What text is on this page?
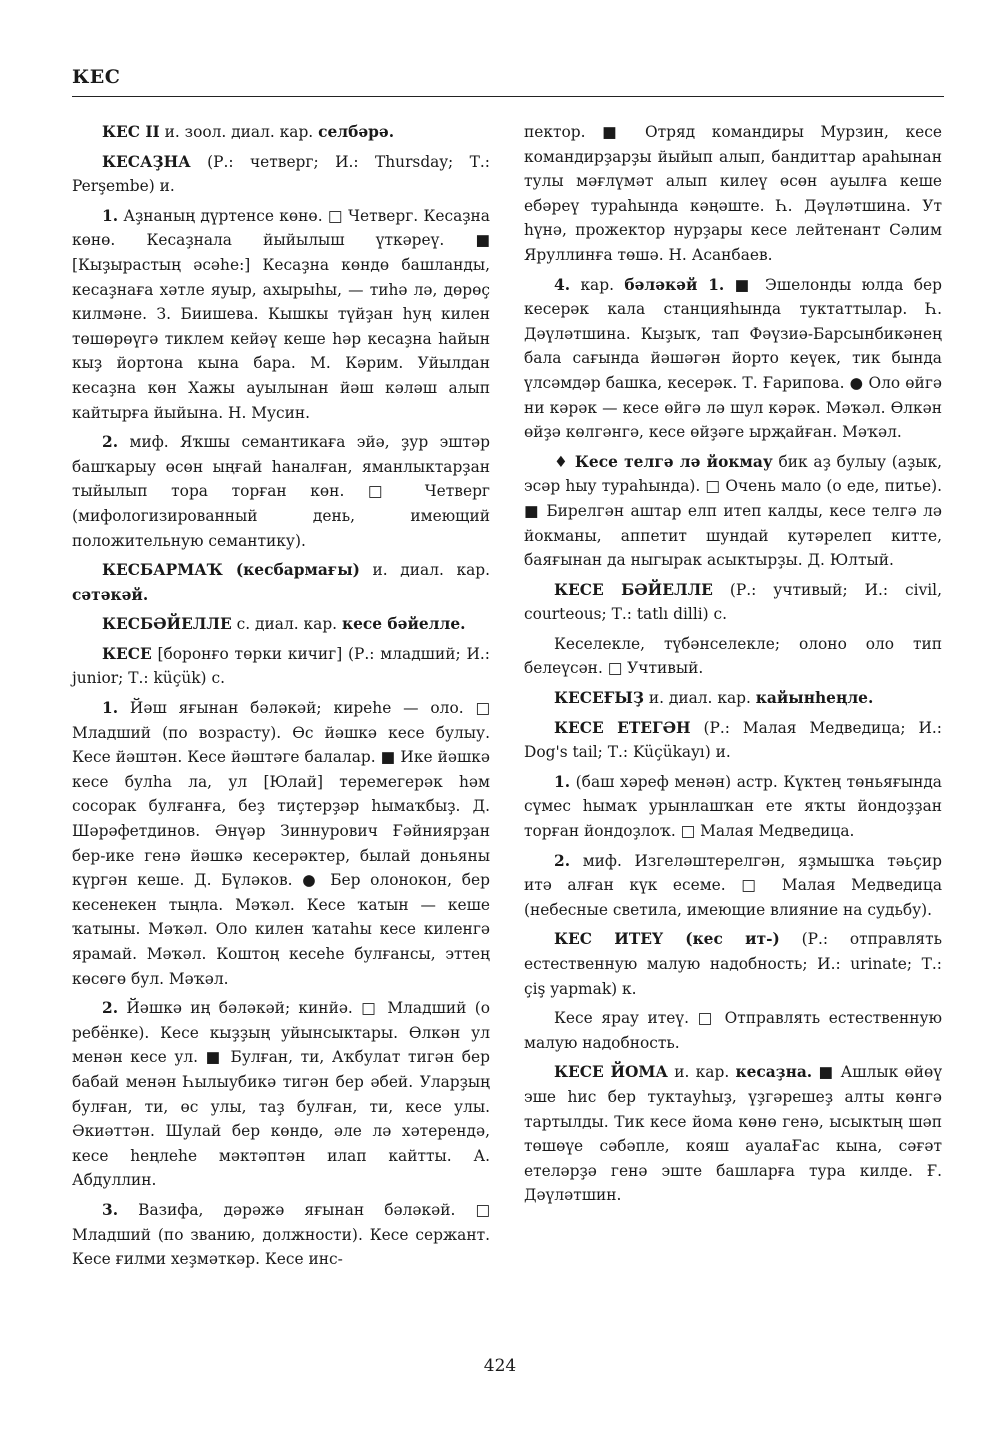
КЕС

КЕС II и. зоол. диал. кар. селбәрә.

КЕСАҘНА (Р.: четверг; И.: Thursday; Т.: Perşembe) и.

1. Аҙнаның дүртенсе көнө. □ Четверг. Кесаҙна көнө. Кесаҙнала йыйылыш үткәреү. ■ [Кыҙырастың әсәһе:] Кесаҙна көндө башланды, кесаҙнаға хәтле яуыр, ахырыһы, — тиһә лә, дөрөҫ килмәне. З. Биишева. Кышкы түйҙан һуң килен төшөрөүгә тиклем кейәү кеше һәр кесаҙна һайын кыҙ йортона кына бара. М. Кәрим. Уйылдан кесаҙна көн Хажы ауылынан йәш кәләш алып кайтырға йыйына. Н. Мусин.

2. миф. Яҡшы семантикаға эйә, ҙур эштәр башҡарыу өсөн ыңғай һаналған, яманлыктарҙан тыйылып тора торған көн. □ Четверг (мифологизированный день, имеющий положительную семантику).

КЕСБАРМАҠ (кесбармағы) и. диал. кар. сәтәкәй.

КЕСБӘЙЕЛЛЕ с. диал. кар. кесе бәйелле.

КЕСЕ [боронғо төрки кичиг] (Р.: младший; И.: junior; Т.: küçük) с.

1. Йәш яғынан бәләкәй; киреһе — оло. □ Младший (по возрасту). Өс йәшкә кесе булыу. Кесе йәштән. Кесе йәштәге балалар. ■ Ике йәшкә кесе булһа ла, ул [Юлай] теремегерәк һәм сосорак булғанға, беҙ тиҫтерҙәр һымаҡбыҙ. Д. Шәрәфетдинов. Әнүәр Зиннурович Ғәйниярҙан бер-ике генә йәшкә кесерәктер, былай доньяны күргән кеше. Д. Бүләков. ● Бер олонокон, бер кесенекен тыңла. Мәҡәл. Кесе ҡатын — кеше ҡатыны. Мәҡәл. Оло килен ҡатаһы кесе киленгә ярамай. Мәҡәл. Коштоң кесеһе булғансы, эттең көсөгө бул. Мәҡәл.

2. Йәшкә иң бәләкәй; кинйә. □ Младший (о ребёнке). Кесе кыҙҙың уйынсыктары. Өлкән ул менән кесе ул. ■ Булған, ти, Аҡбулат тигән бер бабай менән Һылыубикә тигән бер әбей. Уларҙың булған, ти, өс улы, таҙ булған, ти, кесе улы. Әкиәттән. Шулай бер көндө, әле лә хәтерендә, кесе һеңлеһе мәктәптән илап кайтты. А. Абдуллин.

3. Вазифа, дәрәжә яғынан бәләкәй. □ Младший (по званию, должности). Кесе сержант. Кесе ғилми хеҙмәткәр. Кесе инс-

пектор. ■ Отряд командиры Мурзин, кесе командирҙарҙы йыйып алып, бандиттар араһынан тулы мәғлүмәт алып килеү өсөн ауылға кеше ебәреү тураһында кәңәште. Һ. Дәүләтшина. Ут һүнә, прожектор нурҙары кесе лейтенант Сәлим Яруллинға төшә. Н. Асанбаев.

4. кар. бәләкәй 1. ■ Эшелонды юлда бер кесерәк кала станцияһында туктаттылар. Һ. Дәүләтшина. Кыҙыҡ, тап Фәүзиә-Барсынбикәнең бала сағында йәшәгән йорто кеүек, тик бында үлсәмдәр башка, кесерәк. Т. Ғарипова. ● Оло өйгә ни кәрәк — кесе өйгә лә шул кәрәк. Мәҡәл. Өлкән өйҙә көлгәнгә, кесе өйҙәге ырҗайған. Мәҡәл.

♦ Кесе телгә лә йокмау бик аҙ булыу (аҙык, эсәр һыу тураһында). □ Очень мало (о еде, питье). ■ Бирелгән аштар елп итеп калды, кесе телгә лә йокманы, аппетит шундай кутәрелеп китте, баяғынан да ныгырак асыктырҙы. Д. Юлтый.

КЕСЕ БӘЙЕЛЛЕ (Р.: учтивый; И.: civil, courteous; Т.: tatlı dilli) с.

Кеселекле, түбәнселекле; олоно оло тип белеүсән. □ Учтивый.

КЕСЕҒЫҘ и. диал. кар. кайынһеңле.

КЕСЕ ЕТЕГӘН (Р.: Малая Медведица; И.: Dog's tail; Т.: Küçükayı) и.

1. (баш хәреф менән) астр. Күктең төньяғында сүмес һымаҡ урынлашҡан ете яҡты йондоҙҙан торған йондоҙлоҡ. □ Малая Медведица.

2. миф. Изгеләштерелгән, яҙмышҡа тәьҫир итә алған күк есеме. □ Малая Медведица (небесные светила, имеющие влияние на судьбу).

КЕС ИТЕҮ (кес ит-) (Р.: отправлять естественную малую надобность; И.: urinate; Т.: çiş yapmak) к.

Кесе яраy итеү. □ Отправлять естественную малую надобность.

КЕСЕ ЙОМА и. кар. кесаҙна. ■ Ашлык өйөү эше һис бер туктауһыҙ, үҙгәрешеҙ алты көнгә тартылды. Тик кесе йома көнө генә, ысыктың шәп төшөүе сәбәпле, кояш ауалаҒас кына, сәғәт етеләрҙә генә эште башларға тура килде. Ғ. Дәүләтшин.

424
